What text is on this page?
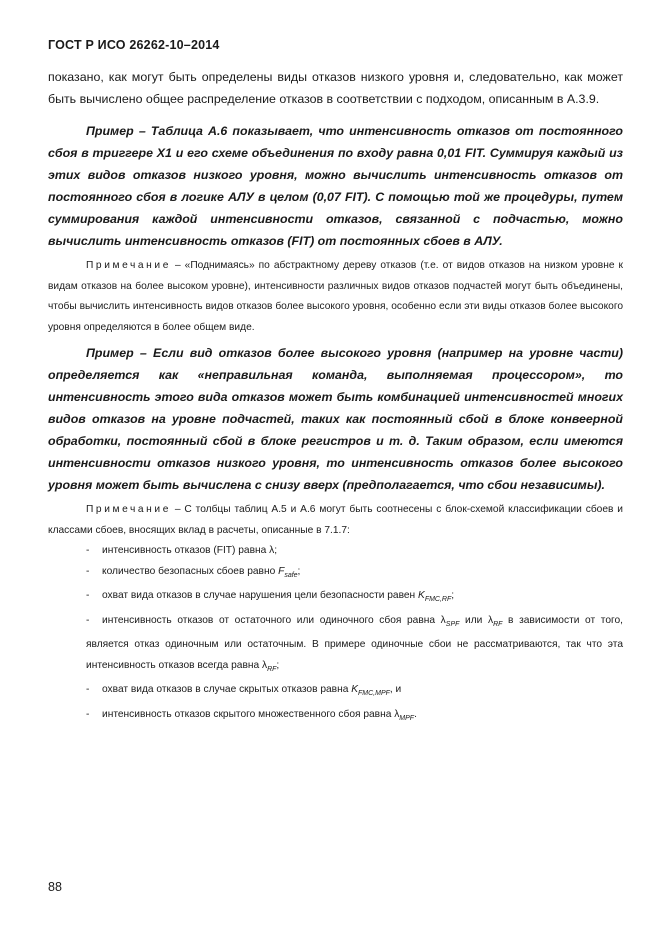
ГОСТ Р ИСО 26262-10–2014

показано, как могут быть определены виды отказов низкого уровня и, следовательно, как может быть вычислено общее распределение отказов в соответствии с подходом, описанным в А.3.9.

Пример – Таблица А.6 показывает, что интенсивность отказов от постоянного сбоя в триггере X1 и его схеме объединения по входу равна 0,01 FIT. Суммируя каждый из этих видов отказов низкого уровня, можно вычислить интенсивность отказов от постоянного сбоя в логике АЛУ в целом (0,07 FIT). С помощью той же процедуры, путем суммирования каждой интенсивности отказов, связанной с подчастью, можно вычислить интенсивность отказов (FIT) от постоянных сбоев в АЛУ.

Примечание – «Поднимаясь» по абстрактному дереву отказов (т.е. от видов отказов на низком уровне к видам отказов на более высоком уровне), интенсивности различных видов отказов подчастей могут быть объединены, чтобы вычислить интенсивность видов отказов более высокого уровня, особенно если эти виды отказов более высокого уровня определяются в более общем виде.

Пример – Если вид отказов более высокого уровня (например на уровне части) определяется как «неправильная команда, выполняемая процессором», то интенсивность этого вида отказов может быть комбинацией интенсивностей многих видов отказов на уровне подчастей, таких как постоянный сбой в блоке конвеерной обработки, постоянный сбой в блоке регистров и т. д. Таким образом, если имеются интенсивности отказов низкого уровня, то интенсивность отказов более высокого уровня может быть вычислена с снизу вверх (предполагается, что сбои независимы).

Примечание – С толбцы таблиц А.5 и А.6 могут быть соотнесены с блок-схемой классификации сбоев и классами сбоев, вносящих вклад в расчеты, описанные в 7.1.7:

- интенсивность отказов (FIT) равна λ;
- количество безопасных сбоев равно $F_{safe}$;
- охват вида отказов в случае нарушения цели безопасности равен $K_{FMC,RF}$;
- интенсивность отказов от остаточного или одиночного сбоя равна $\lambda_{SPF}$ или $\lambda_{RF}$ в зависимости от того, является отказ одиночным или остаточным. В примере одиночные сбои не рассматриваются, так что эта интенсивность отказов всегда равна $\lambda_{RF}$;
- охват вида отказов в случае скрытых отказов равна $K_{FMC,MPF}$, и
- интенсивность отказов скрытого множественного сбоя равна $\lambda_{MPF}$.
88
